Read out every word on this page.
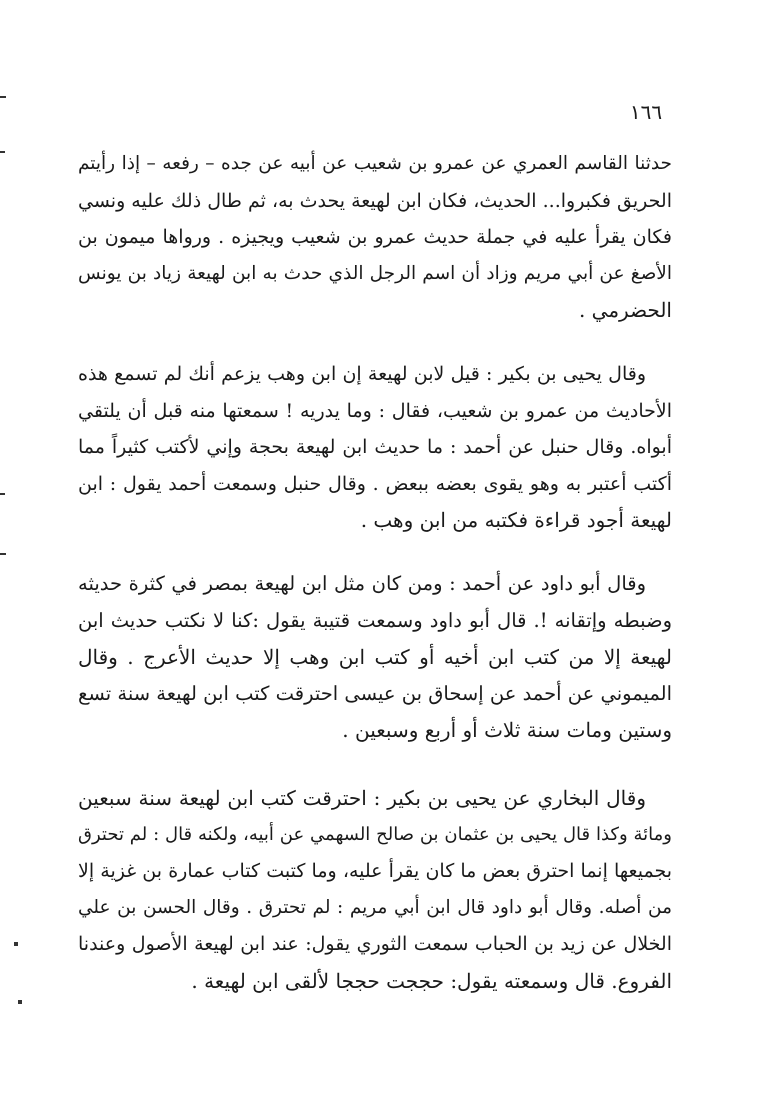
١٦٦
حدثنا القاسم العمري عن عمرو بن شعيب عن أبيه عن جده – رفعه – إذا رأيتم
الحريق فكبروا... الحديث، فكان ابن لهيعة يحدث به، ثم طال ذلك عليه ونسي
فكان يقرأ عليه في جملة حديث عمرو بن شعيب ويجيزه . ورواها ميمون بن
الأصغ عن أبي مريم وزاد أن اسم الرجل الذي حدث به ابن لهيعة زياد بن يونس
الحضرمي .
وقال يحيى بن بكير : قيل لابن لهيعة إن ابن وهب يزعم أنك لم تسمع هذه
الأحاديث من عمرو بن شعيب، فقال : وما يدريه ! سمعتها منه قبل أن يلتقي
أبواه. وقال حنبل عن أحمد : ما حديث ابن لهيعة بحجة وإني لأكتب كثيراً مما
أكتب أعتبر به وهو يقوى بعضه ببعض . وقال حنبل وسمعت أحمد يقول : ابن
لهيعة أجود قراءة فكتبه من ابن وهب .
وقال أبو داود عن أحمد : ومن كان مثل ابن لهيعة بمصر في كثرة حديثه
وضبطه وإتقانه !. قال أبو داود وسمعت قتيبة يقول :كنا لا نكتب حديث ابن
لهيعة إلا من كتب ابن أخيه أو كتب ابن وهب إلا حديث الأعرج . وقال
الميموني عن أحمد عن إسحاق بن عيسى احترقت كتب ابن لهيعة سنة تسع
وستين ومات سنة ثلاث أو أربع وسبعين .
وقال البخاري عن يحيى بن بكير : احترقت كتب ابن لهيعة سنة سبعين
ومائة وكذا قال يحيى بن عثمان بن صالح السهمي عن أبيه، ولكنه قال : لم تحترق
بجميعها إنما احترق بعض ما كان يقرأ عليه، وما كتبت كتاب عمارة بن غزية إلا
من أصله. وقال أبو داود قال ابن أبي مريم : لم تحترق . وقال الحسن بن علي
الخلال عن زيد بن الحباب سمعت الثوري يقول: عند ابن لهيعة الأصول وعندنا
الفروع. قال وسمعته يقول: حججت حججا لألقى ابن لهيعة .
